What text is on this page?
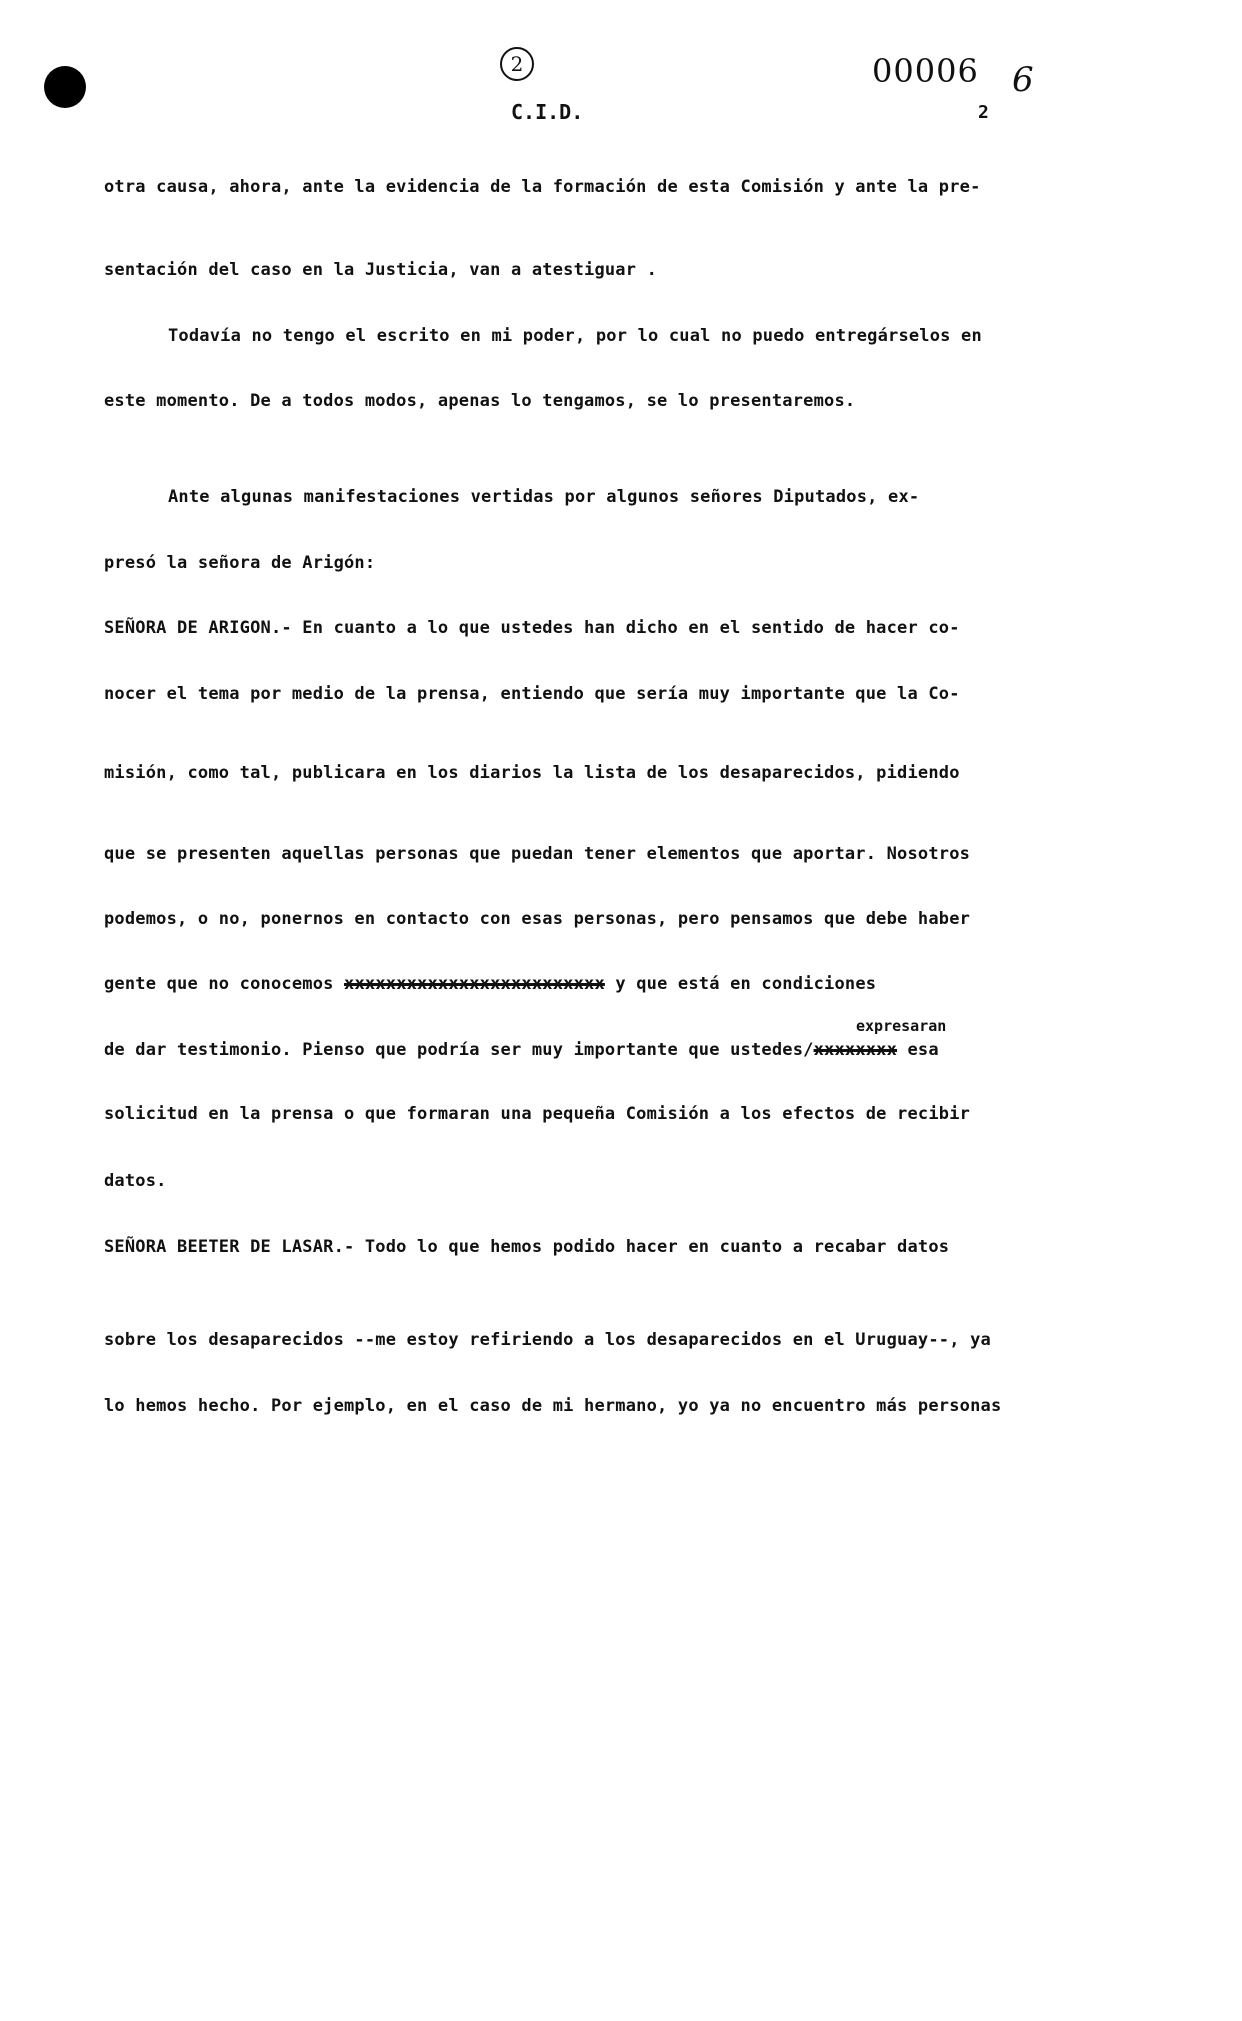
2
C.I.D.
00006 6
2
otra causa, ahora, ante la evidencia de la formación de esta Comisión y ante la pre-
sentación del caso en la Justicia, van a atestiguar .
Todavía no tengo el escrito en mi poder, por lo cual no puedo entregárselos en
este momento. De a todos modos, apenas lo tengamos, se lo presentaremos.
Ante algunas manifestaciones vertidas por algunos señores Diputados, ex-
presó la señora de Arigón:
SEÑORA DE ARIGON.- En cuanto a lo que ustedes han dicho en el sentido de hacer co-
nocer el tema por medio de la prensa, entiendo que sería muy importante que la Co-
misión, como tal, publicara en los diarios la lista de los desaparecidos, pidiendo
que se presenten aquellas personas que puedan tener elementos que aportar. Nosotros
podemos, o no, ponernos en contacto con esas personas, pero pensamos que debe haber
gente que no conocemos xxxxxxxxxxxxxxxxxxxxxxxxx y que está en condiciones
expresaran
de dar testimonio. Pienso que podría ser muy importante que ustedes/xxxxxxxx esa
solicitud en la prensa o que formaran una pequeña Comisión a los efectos de recibir
datos.
SEÑORA BEETER DE LASAR.- Todo lo que hemos podido hacer en cuanto a recabar datos
sobre los desaparecidos --me estoy refiriendo a los desaparecidos en el Uruguay--, ya
lo hemos hecho. Por ejemplo, en el caso de mi hermano, yo ya no encuentro más personas
